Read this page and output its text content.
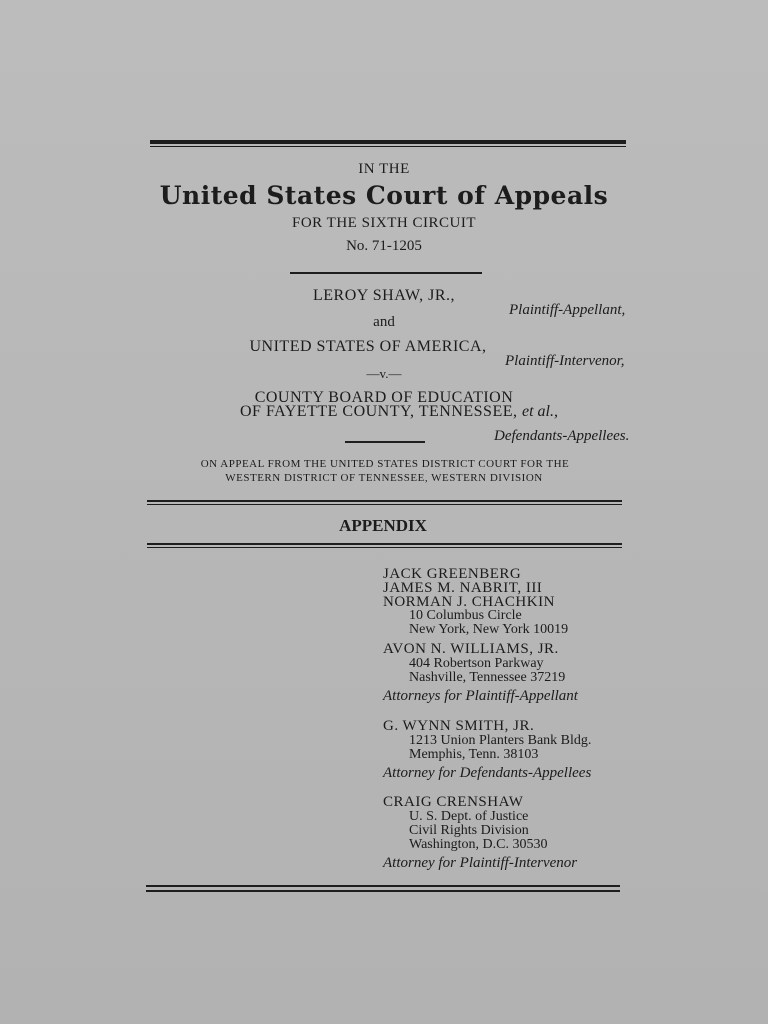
IN THE
United States Court of Appeals
FOR THE SIXTH CIRCUIT
No. 71-1205
LEROY SHAW, JR.,
Plaintiff-Appellant,
and
UNITED STATES OF AMERICA,
Plaintiff-Intervenor,
—v.—
COUNTY BOARD OF EDUCATION
OF FAYETTE COUNTY, TENNESSEE, et al.,
Defendants-Appellees.
ON APPEAL FROM THE UNITED STATES DISTRICT COURT FOR THE
WESTERN DISTRICT OF TENNESSEE, WESTERN DIVISION
APPENDIX
JACK GREENBERG
JAMES M. NABRIT, III
NORMAN J. CHACHKIN
10 Columbus Circle
New York, New York 10019
AVON N. WILLIAMS, JR.
404 Robertson Parkway
Nashville, Tennessee 37219
Attorneys for Plaintiff-Appellant
G. WYNN SMITH, JR.
1213 Union Planters Bank Bldg.
Memphis, Tenn. 38103
Attorney for Defendants-Appellees
CRAIG CRENSHAW
U. S. Dept. of Justice
Civil Rights Division
Washington, D.C. 30530
Attorney for Plaintiff-Intervenor
